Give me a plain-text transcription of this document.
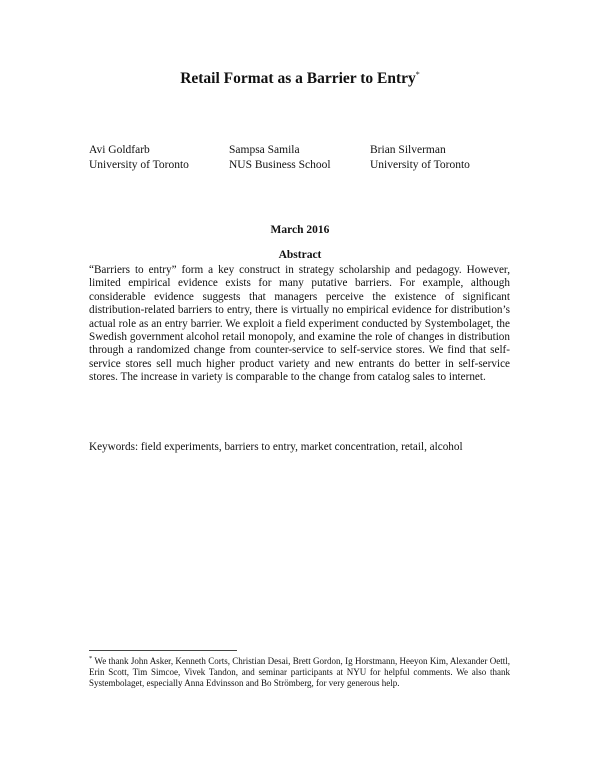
Retail Format as a Barrier to Entry*
Avi Goldfarb
University of Toronto
Sampsa Samila
NUS Business School
Brian Silverman
University of Toronto
March 2016
Abstract

“Barriers to entry” form a key construct in strategy scholarship and pedagogy. However, limited empirical evidence exists for many putative barriers. For example, although considerable evidence suggests that managers perceive the existence of significant distribution-related barriers to entry, there is virtually no empirical evidence for distribution’s actual role as an entry barrier. We exploit a field experiment conducted by Systembolaget, the Swedish government alcohol retail monopoly, and examine the role of changes in distribution through a randomized change from counter-service to self-service stores. We find that self-service stores sell much higher product variety and new entrants do better in self-service stores. The increase in variety is comparable to the change from catalog sales to internet.

Keywords: field experiments, barriers to entry, market concentration, retail, alcohol

* We thank John Asker, Kenneth Corts, Christian Desai, Brett Gordon, Ig Horstmann, Heeyon Kim, Alexander Oettl, Erin Scott, Tim Simcoe, Vivek Tandon, and seminar participants at NYU for helpful comments. We also thank Systembolaget, especially Anna Edvinsson and Bo Strömberg, for very generous help.
